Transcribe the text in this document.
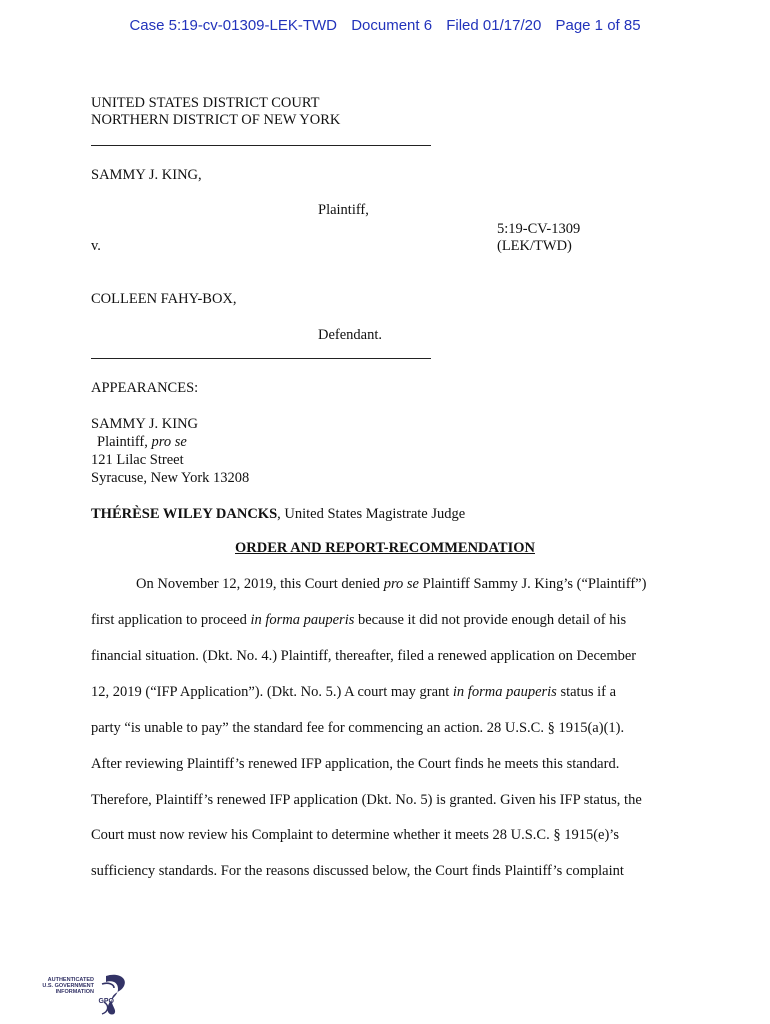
Case 5:19-cv-01309-LEK-TWD Document 6 Filed 01/17/20 Page 1 of 85
UNITED STATES DISTRICT COURT
NORTHERN DISTRICT OF NEW YORK
SAMMY J. KING,
Plaintiff,
5:19-CV-1309
(LEK/TWD)
v.
COLLEEN FAHY-BOX,
Defendant.
APPEARANCES:
SAMMY J. KING
Plaintiff, pro se
121 Lilac Street
Syracuse, New York 13208
THÉRÈSE WILEY DANCKS, United States Magistrate Judge
ORDER AND REPORT-RECOMMENDATION
On November 12, 2019, this Court denied pro se Plaintiff Sammy J. King’s (“Plaintiff”)
first application to proceed in forma pauperis because it did not provide enough detail of his
financial situation. (Dkt. No. 4.) Plaintiff, thereafter, filed a renewed application on December
12, 2019 (“IFP Application”). (Dkt. No. 5.) A court may grant in forma pauperis status if a
party “is unable to pay” the standard fee for commencing an action. 28 U.S.C. § 1915(a)(1).
After reviewing Plaintiff’s renewed IFP application, the Court finds he meets this standard.
Therefore, Plaintiff’s renewed IFP application (Dkt. No. 5) is granted. Given his IFP status, the
Court must now review his Complaint to determine whether it meets 28 U.S.C. § 1915(e)’s
sufficiency standards. For the reasons discussed below, the Court finds Plaintiff’s complaint
AUTHENTICATED
U.S. GOVERNMENT
INFORMATION
GPO
